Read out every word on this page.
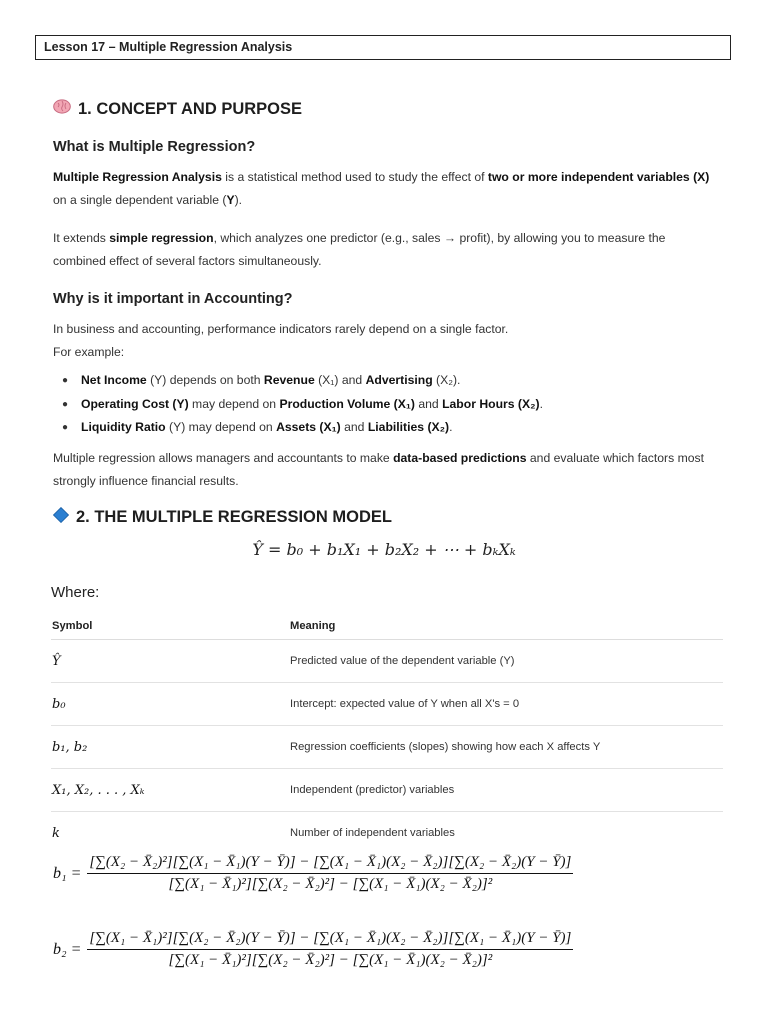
Lesson 17 – Multiple Regression Analysis
1. CONCEPT AND PURPOSE
What is Multiple Regression?
Multiple Regression Analysis is a statistical method used to study the effect of two or more independent variables (X) on a single dependent variable (Y).
It extends simple regression, which analyzes one predictor (e.g., sales → profit), by allowing you to measure the combined effect of several factors simultaneously.
Why is it important in Accounting?
In business and accounting, performance indicators rarely depend on a single factor.
For example:
● Net Income (Y) depends on both Revenue (X₁) and Advertising (X₂).
● Operating Cost (Y) may depend on Production Volume (X₁) and Labor Hours (X₂).
● Liquidity Ratio (Y) may depend on Assets (X₁) and Liabilities (X₂).
Multiple regression allows managers and accountants to make data-based predictions and evaluate which factors most strongly influence financial results.
2. THE MULTIPLE REGRESSION MODEL
Ŷ = b₀ + b₁X₁ + b₂X₂ + ⋯ + bₖXₖ
Where:
Symbol	Meaning
Ŷ	Predicted value of the dependent variable (Y)
b₀	Intercept: expected value of Y when all X's = 0
b₁, b₂	Regression coefficients (slopes) showing how each X affects Y
X₁, X₂, . . . , Xₖ	Independent (predictor) variables
k	Number of independent variables
b₁ =
[∑(X₂ − X̄₂)²][∑(X₁ − X̄₁)(Y − Ȳ)] − [∑(X₁ − X̄₁)(X₂ − X̄₂)][∑(X₂ − X̄₂)(Y − Ȳ)]
[∑(X₁ − X̄₁)²][∑(X₂ − X̄₂)²] − [∑(X₁ − X̄₁)(X₂ − X̄₂)]²
b₂ =
[∑(X₁ − X̄₁)²][∑(X₂ − X̄₂)(Y − Ȳ)] − [∑(X₁ − X̄₁)(X₂ − X̄₂)][∑(X₁ − X̄₁)(Y − Ȳ)]
[∑(X₁ − X̄₁)²][∑(X₂ − X̄₂)²] − [∑(X₁ − X̄₁)(X₂ − X̄₂)]²
